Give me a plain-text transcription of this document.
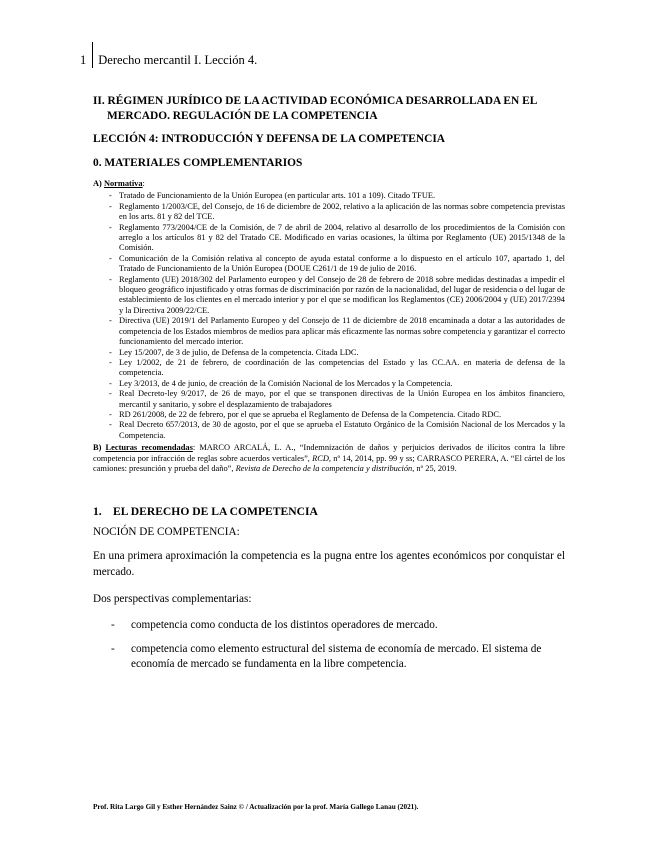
1 Derecho mercantil I. Lección 4.
II. RÉGIMEN JURÍDICO DE LA ACTIVIDAD ECONÓMICA DESARROLLADA EN EL
MERCADO. REGULACIÓN DE LA COMPETENCIA
LECCIÓN 4: INTRODUCCIÓN Y DEFENSA DE LA COMPETENCIA
0. MATERIALES COMPLEMENTARIOS
A) Normativa:
- Tratado de Funcionamiento de la Unión Europea (en particular arts. 101 a 109). Citado TFUE.
- Reglamento 1/2003/CE, del Consejo, de 16 de diciembre de 2002, relativo a la aplicación de las normas sobre competencia previstas en los arts. 81 y 82 del TCE.
- Reglamento 773/2004/CE de la Comisión, de 7 de abril de 2004, relativo al desarrollo de los procedimientos de la Comisión con arreglo a los artículos 81 y 82 del Tratado CE. Modificado en varias ocasiones, la última por Reglamento (UE) 2015/1348 de la Comisión.
- Comunicación de la Comisión relativa al concepto de ayuda estatal conforme a lo dispuesto en el artículo 107, apartado 1, del Tratado de Funcionamiento de la Unión Europea (DOUE C261/1 de 19 de julio de 2016.
- Reglamento (UE) 2018/302 del Parlamento europeo y del Consejo de 28 de febrero de 2018 sobre medidas destinadas a impedir el bloqueo geográfico injustificado y otras formas de discriminación por razón de la nacionalidad, del lugar de residencia o del lugar de establecimiento de los clientes en el mercado interior y por el que se modifican los Reglamentos (CE) 2006/2004 y (UE) 2017/2394 y la Directiva 2009/22/CE.
- Directiva (UE) 2019/1 del Parlamento Europeo y del Consejo de 11 de diciembre de 2018 encaminada a dotar a las autoridades de competencia de los Estados miembros de medios para aplicar más eficazmente las normas sobre competencia y garantizar el correcto funcionamiento del mercado interior.
- Ley 15/2007, de 3 de julio, de Defensa de la competencia. Citada LDC.
- Ley 1/2002, de 21 de febrero, de coordinación de las competencias del Estado y las CC.AA. en materia de defensa de la competencia.
- Ley 3/2013, de 4 de junio, de creación de la Comisión Nacional de los Mercados y la Competencia.
- Real Decreto-ley 9/2017, de 26 de mayo, por el que se transponen directivas de la Unión Europea en los ámbitos financiero, mercantil y sanitario, y sobre el desplazamiento de trabajadores
- RD 261/2008, de 22 de febrero, por el que se aprueba el Reglamento de Defensa de la Competencia. Citado RDC.
- Real Decreto 657/2013, de 30 de agosto, por el que se aprueba el Estatuto Orgánico de la Comisión Nacional de los Mercados y la Competencia.
B) Lecturas recomendadas: MARCO ARCALÁ, L. A., “Indemnización de daños y perjuicios derivados de ilícitos contra la libre competencia por infracción de reglas sobre acuerdos verticales”, RCD, nº 14, 2014, pp. 99 y ss; CARRASCO PERERA, A. “El cártel de los camiones: presunción y prueba del daño”, Revista de Derecho de la competencia y distribución, nº 25, 2019.
1. EL DERECHO DE LA COMPETENCIA
NOCIÓN DE COMPETENCIA:

En una primera aproximación la competencia es la pugna entre los agentes económicos por conquistar el mercado.

Dos perspectivas complementarias:

- competencia como conducta de los distintos operadores de mercado.
- competencia como elemento estructural del sistema de economía de mercado. El sistema de economía de mercado se fundamenta en la libre competencia.
Prof. Rita Largo Gil y Esther Hernández Sainz © / Actualización por la prof. María Gallego Lanau (2021).
